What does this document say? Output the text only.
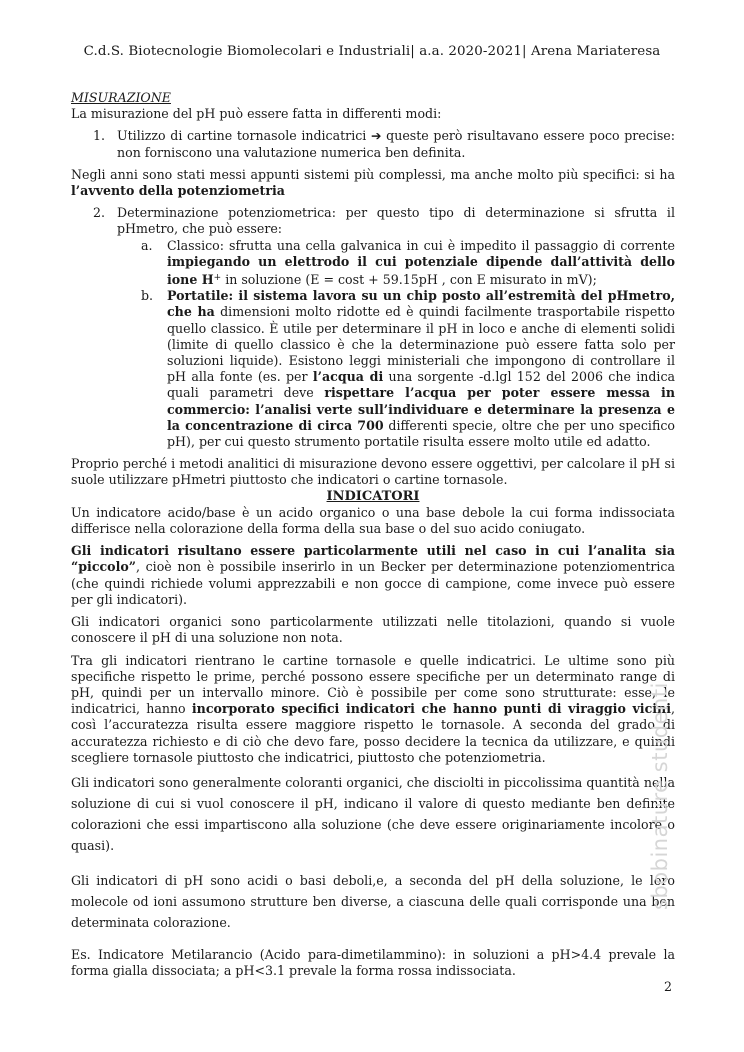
C.d.S. Biotecnologie Biomolecolari e Industriali| a.a. 2020-2021| Arena Mariateresa

MISURAZIONE

La misurazione del pH può essere fatta in differenti modi:

1. Utilizzo di cartine tornasole indicatrici ➔ queste però risultavano essere poco precise: non forniscono una valutazione numerica ben definita.

Negli anni sono stati messi appunti sistemi più complessi, ma anche molto più specifici: si ha l’avvento della potenziometria

2. Determinazione potenziometrica: per questo tipo di determinazione si sfrutta il pHmetro, che può essere:

a. Classico: sfrutta una cella galvanica in cui è impedito il passaggio di corrente impiegando un elettrodo il cui potenziale dipende dall’attività dello ione H+ in soluzione (E = cost + 59.15pH , con E misurato in mV);

b. Portatile: il sistema lavora su un chip posto all’estremità del pHmetro, che ha dimensioni molto ridotte ed è quindi facilmente trasportabile rispetto quello classico. È utile per determinare il pH in loco e anche di elementi solidi (limite di quello classico è che la determinazione può essere fatta solo per soluzioni liquide). Esistono leggi ministeriali che impongono di controllare il pH alla fonte (es. per l’acqua di una sorgente -d.lgl 152 del 2006 che indica quali parametri deve rispettare l’acqua per poter essere messa in commercio: l’analisi verte sull’individuare e determinare la presenza e la concentrazione di circa 700 differenti specie, oltre che per uno specifico pH), per cui questo strumento portatile risulta essere molto utile ed adatto.

Proprio perché i metodi analitici di misurazione devono essere oggettivi, per calcolare il pH si suole utilizzare pHmetri piuttosto che indicatori o cartine tornasole.

INDICATORI

Un indicatore acido/base è un acido organico o una base debole la cui forma indissociata differisce nella colorazione della forma della sua base o del suo acido coniugato.

Gli indicatori risultano essere particolarmente utili nel caso in cui l’analita sia “piccolo”, cioè non è possibile inserirlo in un Becker per determinazione potenziomentrica (che quindi richiede volumi apprezzabili e non gocce di campione, come invece può essere per gli indicatori).

Gli indicatori organici sono particolarmente utilizzati nelle titolazioni, quando si vuole conoscere il pH di una soluzione non nota.

Tra gli indicatori rientrano le cartine tornasole e quelle indicatrici. Le ultime sono più specifiche rispetto le prime, perché possono essere specifiche per un determinato range di pH, quindi per un intervallo minore. Ciò è possibile per come sono strutturate: esse, le indicatrici, hanno incorporato specifici indicatori che hanno punti di viraggio vicini, così l’accuratezza risulta essere maggiore rispetto le tornasole. A seconda del grado di accuratezza richiesto e di ciò che devo fare, posso decidere la tecnica da utilizzare, e quindi scegliere tornasole piuttosto che indicatrici, piuttosto che potenziometria.

Gli indicatori sono generalmente coloranti organici, che disciolti in piccolissima quantità nella soluzione di cui si vuol conoscere il pH, indicano il valore di questo mediante ben definite colorazioni che essi impartiscono alla soluzione (che deve essere originariamente incolore o quasi).

Gli indicatori di pH sono acidi o basi deboli,e, a seconda del pH della soluzione, le loro molecole od ioni assumono strutture ben diverse, a ciascuna delle quali corrisponde una ben determinata colorazione.

Es. Indicatore Metilarancio (Acido para-dimetilammino): in soluzioni a pH>4.4 prevale la forma gialla dissociata; a pH<3.1 prevale la forma rossa indissociata.

sbobinature studenti
2
